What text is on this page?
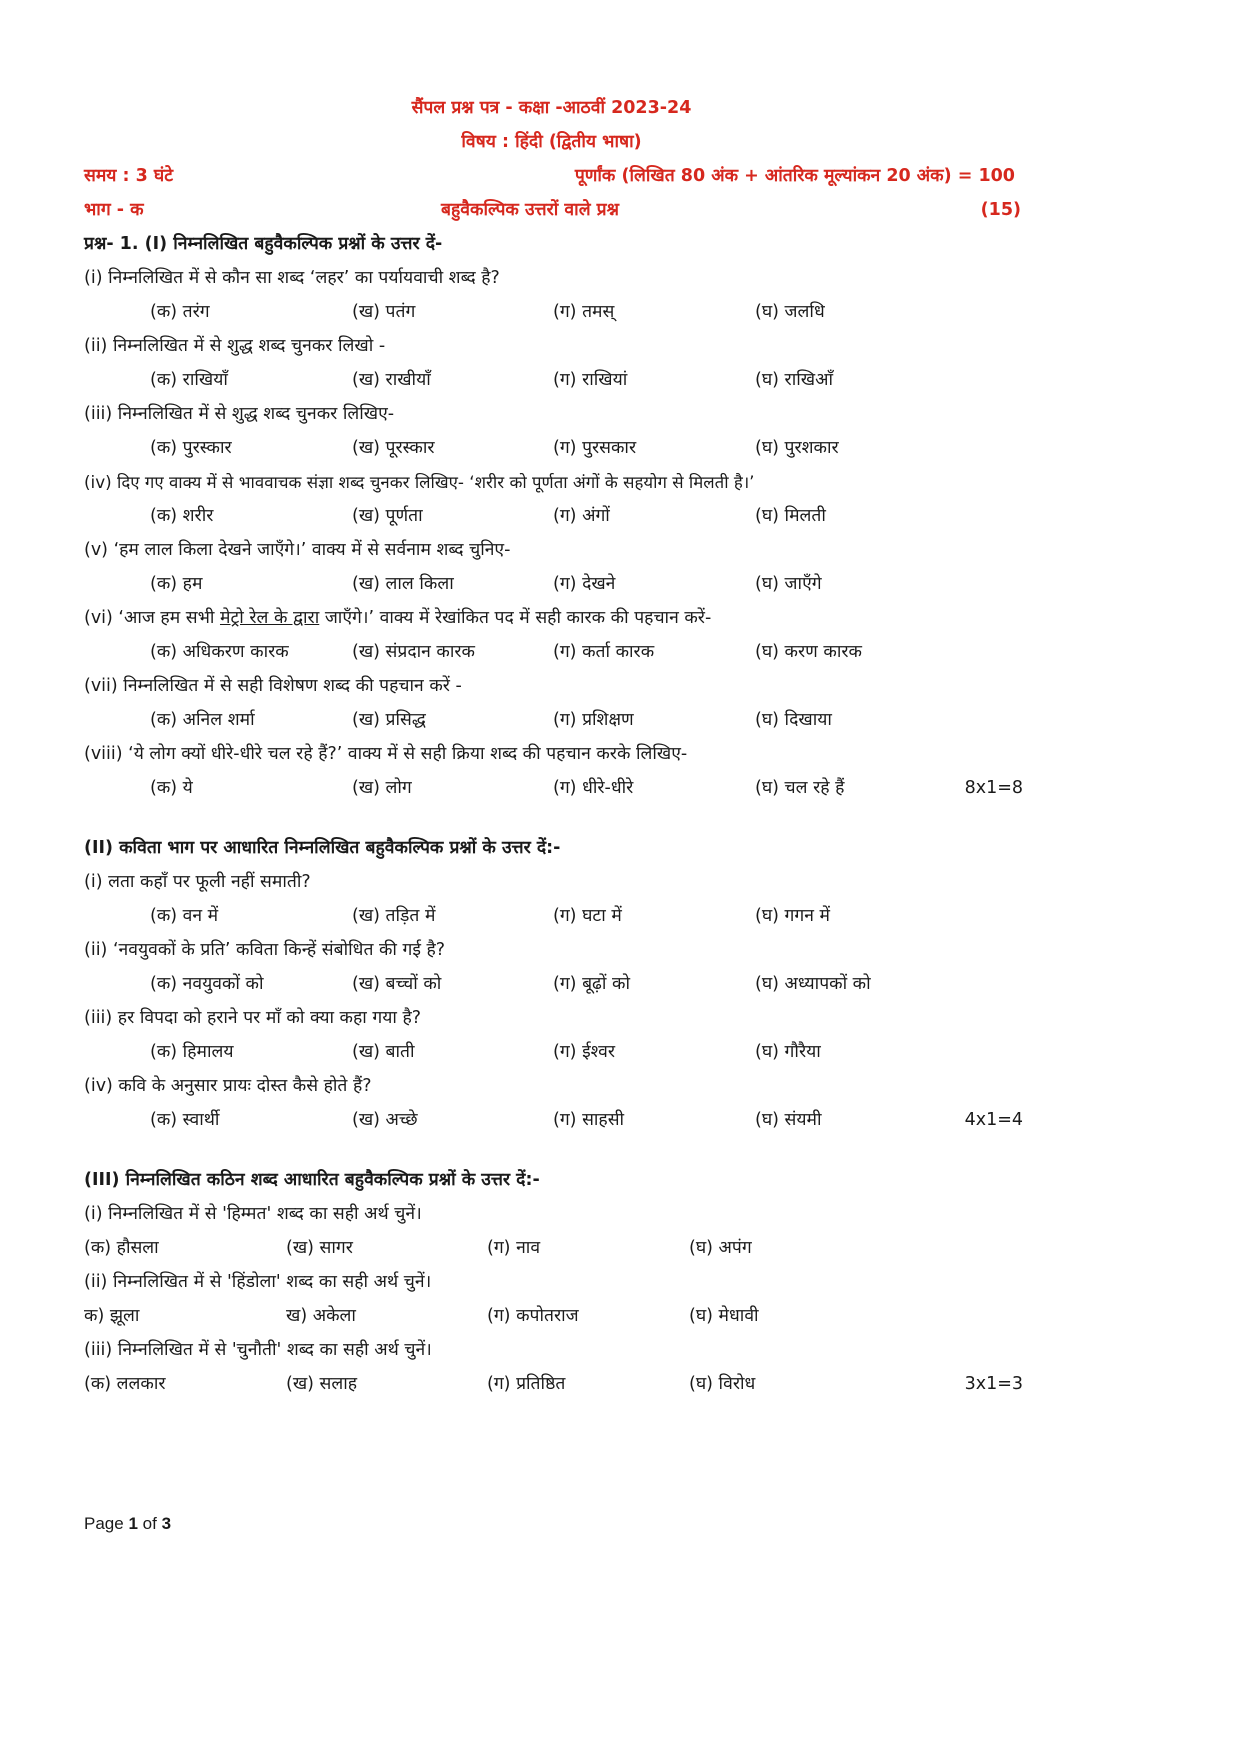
सैंपल प्रश्न पत्र - कक्षा -आठवीं 2023-24
विषय : हिंदी (द्वितीय भाषा)
समय : 3 घंटे	पूर्णांक (लिखित 80 अंक + आंतरिक मूल्यांकन 20 अंक) = 100
भाग - क	बहुवैकल्पिक उत्तरों वाले प्रश्न	(15)
प्रश्न- 1. (I) निम्नलिखित बहुवैकल्पिक प्रश्नों के उत्तर दें-
(i) निम्नलिखित में से कौन सा शब्द ‘लहर’ का पर्यायवाची शब्द है?
(क) तरंग	(ख) पतंग	(ग) तमस्	(घ) जलधि
(ii) निम्नलिखित में से शुद्ध शब्द चुनकर लिखो -
(क) राखियाँ	(ख) राखीयाँ	(ग) राखियां	(घ) राखिआँ
(iii) निम्नलिखित में से शुद्ध शब्द चुनकर लिखिए-
(क) पुरस्कार	(ख) पूरस्कार	(ग) पुरसकार	(घ) पुरशकार
(iv) दिए गए वाक्य में से भाववाचक संज्ञा शब्द चुनकर लिखिए- ‘शरीर को पूर्णता अंगों के सहयोग से मिलती है।’
(क) शरीर	(ख) पूर्णता	(ग) अंगों	(घ) मिलती
(v) ‘हम लाल किला देखने जाएँगे।’ वाक्य में से सर्वनाम शब्द चुनिए-
(क) हम	(ख) लाल किला	(ग) देखने	(घ) जाएँगे
(vi) ‘आज हम सभी मेट्रो रेल के द्वारा जाएँगे।’ वाक्य में रेखांकित पद में सही कारक की पहचान करें-
(क) अधिकरण कारक	(ख) संप्रदान कारक	(ग) कर्ता कारक	(घ) करण कारक
(vii) निम्नलिखित में से सही विशेषण शब्द की पहचान करें -
(क) अनिल शर्मा	(ख) प्रसिद्ध	(ग) प्रशिक्षण	(घ) दिखाया
(viii) ‘ये लोग क्यों धीरे-धीरे चल रहे हैं?’ वाक्य में से सही क्रिया शब्द की पहचान करके लिखिए-
(क) ये	(ख) लोग	(ग) धीरे-धीरे	(घ) चल रहे हैं	8x1=8
(II) कविता भाग पर आधारित निम्नलिखित बहुवैकल्पिक प्रश्नों के उत्तर दें:-
(i) लता कहाँ पर फूली नहीं समाती?
(क) वन में	(ख) तड़ित में	(ग) घटा में	(घ) गगन में
(ii) ‘नवयुवकों के प्रति’ कविता किन्हें संबोधित की गई है?
(क) नवयुवकों को	(ख) बच्चों को	(ग) बूढ़ों को	(घ) अध्यापकों को
(iii) हर विपदा को हराने पर माँ को क्या कहा गया है?
(क) हिमालय	(ख) बाती	(ग) ईश्वर	(घ) गौरैया
(iv) कवि के अनुसार प्रायः दोस्त कैसे होते हैं?
(क) स्वार्थी	(ख) अच्छे	(ग) साहसी	(घ) संयमी	4x1=4
(III) निम्नलिखित कठिन शब्द आधारित बहुवैकल्पिक प्रश्नों के उत्तर दें:-
(i) निम्नलिखित में से 'हिम्मत' शब्द का सही अर्थ चुनें।
(क) हौसला	(ख) सागर	(ग) नाव	(घ) अपंग
(ii) निम्नलिखित में से 'हिंडोला' शब्द का सही अर्थ चुनें।
क) झूला	ख) अकेला	(ग) कपोतराज	(घ) मेधावी
(iii) निम्नलिखित में से 'चुनौती' शब्द का सही अर्थ चुनें।
(क) ललकार	(ख) सलाह	(ग) प्रतिष्ठित	(घ) विरोध	3x1=3
Page 1 of 3
